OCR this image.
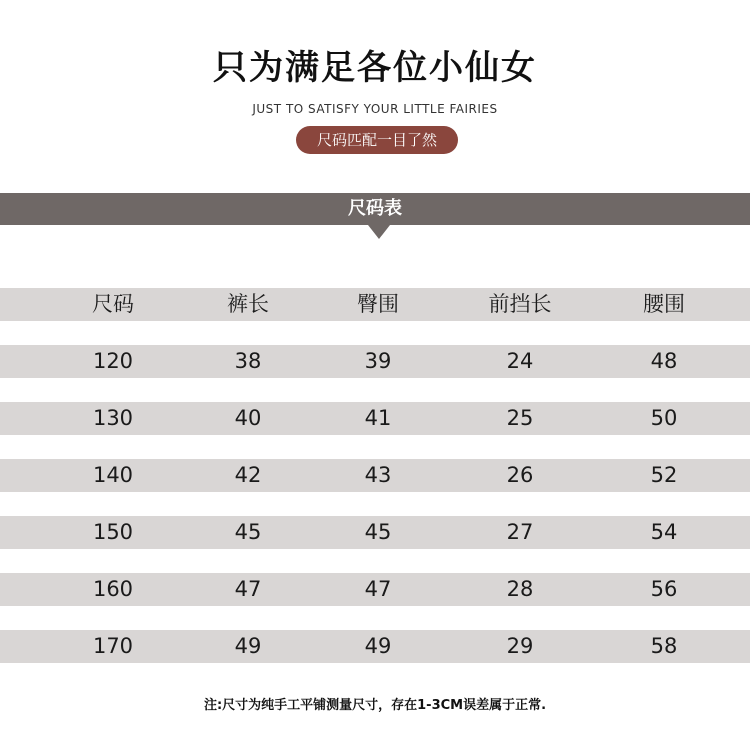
只为满足各位小仙女
JUST TO SATISFY YOUR LITTLE FAIRIES
尺码匹配一目了然
尺码表
尺码	裤长	臀围	前挡长	腰围
120	38	39	24	48
130	40	41	25	50
140	42	43	26	52
150	45	45	27	54
160	47	47	28	56
170	49	49	29	58
注:尺寸为纯手工平铺测量尺寸，存在1-3CM误差属于正常.
